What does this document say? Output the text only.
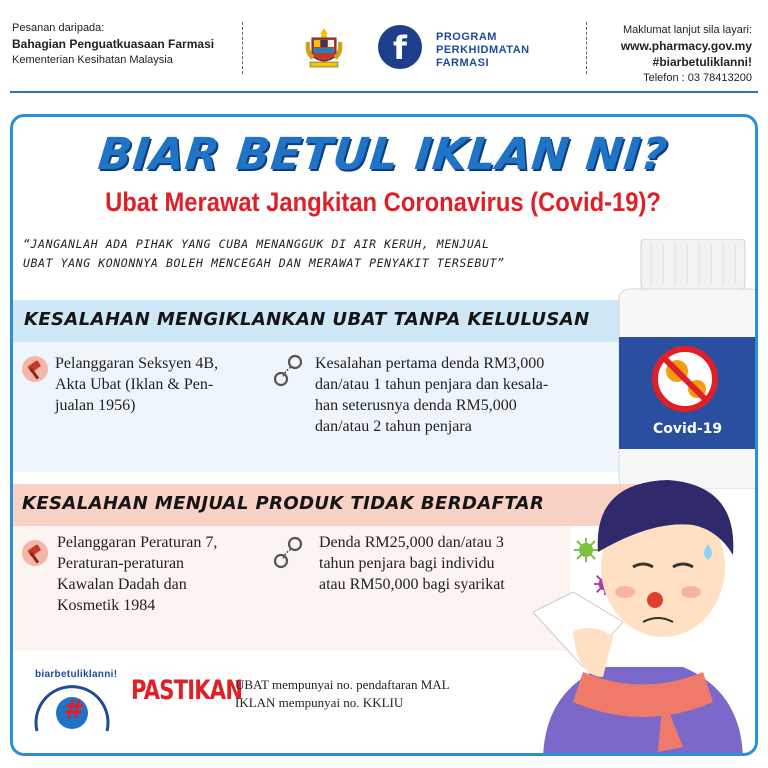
Pesanan daripada:
Bahagian Penguatkuasaan Farmasi
Kementerian Kesihatan Malaysia	f	PROGRAM
PERKHIDMATAN
FARMASI
Maklumat lanjut sila layari:
www.pharmacy.gov.my
#biarbetuliklanni!
Telefon : 03 78413200
BIAR BETUL IKLAN NI?
Ubat Merawat Jangkitan Coronavirus (Covid-19)?
“JANGANLAH ADA PIHAK YANG CUBA MENANGGUK DI AIR KERUH, MENJUAL
UBAT YANG KONONNYA BOLEH MENCEGAH DAN MERAWAT PENYAKIT TERSEBUT”
KESALAHAN MENGIKLANKAN UBAT TANPA KELULUSAN
Pelanggaran Seksyen 4B,
Akta Ubat (Iklan & Pen-
jualan 1956)
Kesalahan pertama denda RM3,000
dan/atau 1 tahun penjara dan kesala-
han seterusnya denda RM5,000
dan/atau 2 tahun penjara	Covid-19
KESALAHAN MENJUAL PRODUK TIDAK BERDAFTAR
Pelanggaran Peraturan 7,
Peraturan-peraturan
Kawalan Dadah dan
Kosmetik 1984
Denda RM25,000 dan/atau 3
tahun penjara bagi individu
atau RM50,000 bagi syarikat
biarbetuliklanni!
#
PASTIKAN
UBAT mempunyai no. pendaftaran MAL
IKLAN mempunyai no. KKLIU
